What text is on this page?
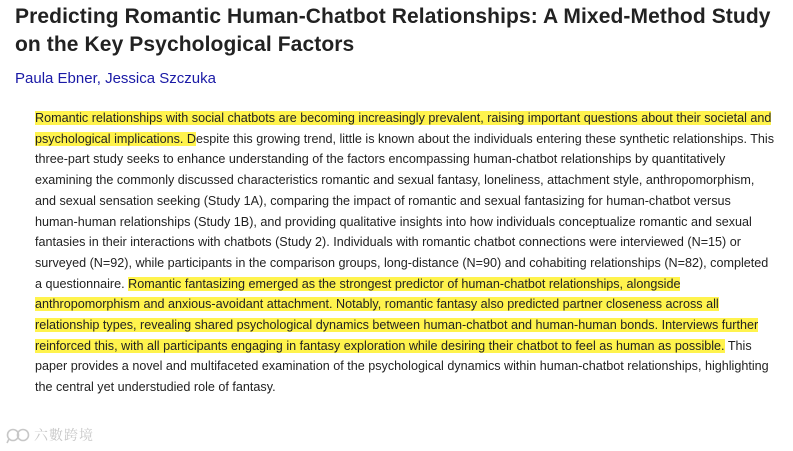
Predicting Romantic Human-Chatbot Relationships: A Mixed-Method Study on the Key Psychological Factors
Paula Ebner, Jessica Szczuka

Romantic relationships with social chatbots are becoming increasingly prevalent, raising important questions about their societal and psychological implications. Despite this growing trend, little is known about the individuals entering these synthetic relationships. This three-part study seeks to enhance understanding of the factors encompassing human-chatbot relationships by quantitatively examining the commonly discussed characteristics romantic and sexual fantasy, loneliness, attachment style, anthropomorphism, and sexual sensation seeking (Study 1A), comparing the impact of romantic and sexual fantasizing for human-chatbot versus human-human relationships (Study 1B), and providing qualitative insights into how individuals conceptualize romantic and sexual fantasies in their interactions with chatbots (Study 2). Individuals with romantic chatbot connections were interviewed (N=15) or surveyed (N=92), while participants in the comparison groups, long-distance (N=90) and cohabiting relationships (N=82), completed a questionnaire. Romantic fantasizing emerged as the strongest predictor of human-chatbot relationships, alongside anthropomorphism and anxious-avoidant attachment. Notably, romantic fantasy also predicted partner closeness across all relationship types, revealing shared psychological dynamics between human-chatbot and human-human bonds. Interviews further reinforced this, with all participants engaging in fantasy exploration while desiring their chatbot to feel as human as possible. This paper provides a novel and multifaceted examination of the psychological dynamics within human-chatbot relationships, highlighting the central yet understudied role of fantasy.

六數跨境
